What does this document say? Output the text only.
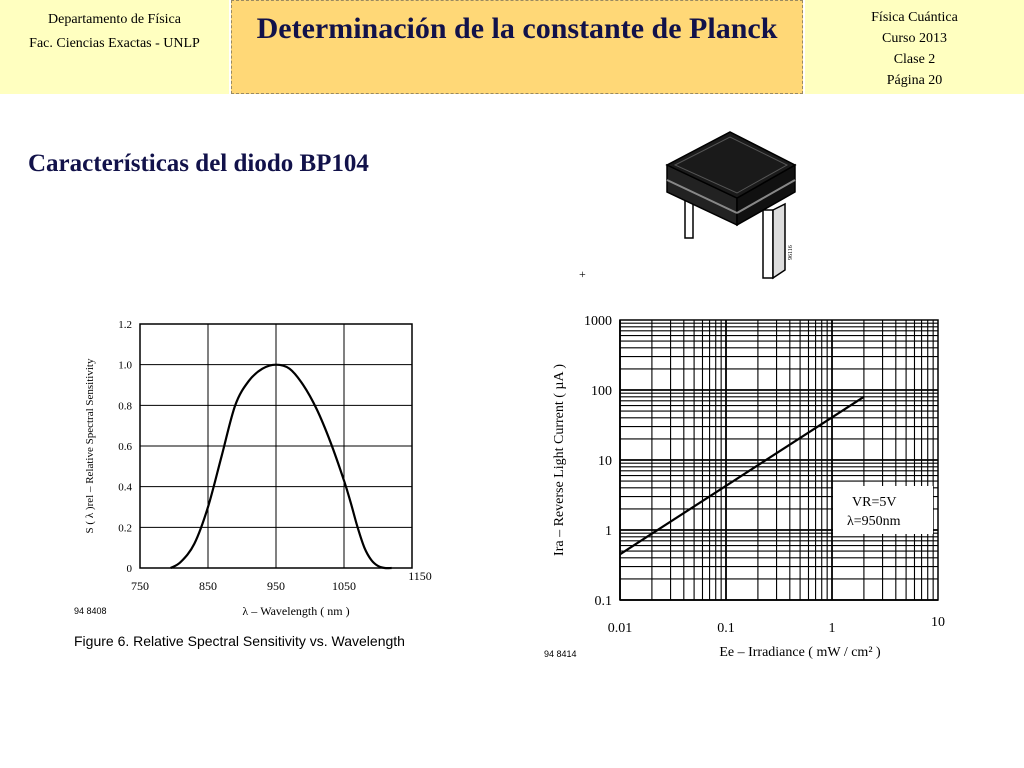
Departamento de Física
Fac. Ciencias Exactas - UNLP	Determinación de la constante de Planck	Física Cuántica
Curso 2013
Clase 2
Página 20
Características del diodo BP104
96116
0
0.2
0.4
0.6
0.8
1.0
1.2
750	850	950	1050
1150
S ( λ )rel – Relative Spectral Sensitivity
λ – Wavelength ( nm )
94 8408
Figure 6. Relative Spectral Sensitivity vs. Wavelength
+
0.1
1
10
100
1000
0.01	0.1	1	10
VR=5V
λ=950nm
Ira – Reverse Light Current ( µA )
Ee – Irradiance ( mW / cm² )
94 8414
